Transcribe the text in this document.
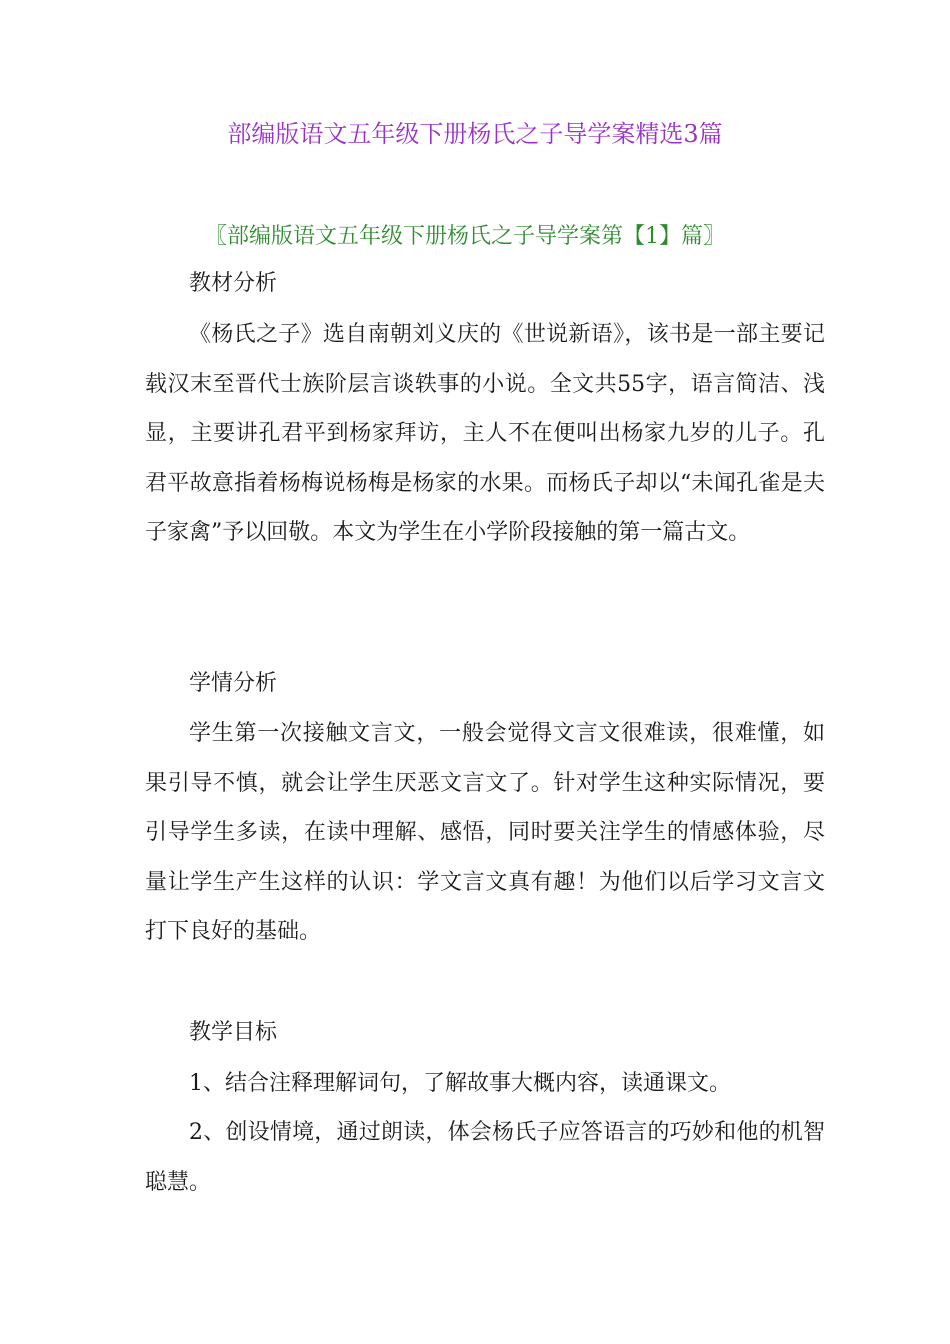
部编版语文五年级下册杨氏之子导学案精选3篇
〖部编版语文五年级下册杨氏之子导学案第【1】篇〗

教材分析

《杨氏之子》选自南朝刘义庆的《世说新语》，该书是一部主要记载汉末至晋代士族阶层言谈轶事的小说。全文共55字，语言简洁、浅显，主要讲孔君平到杨家拜访，主人不在便叫出杨家九岁的儿子。孔君平故意指着杨梅说杨梅是杨家的水果。而杨氏子却以“未闻孔雀是夫子家禽”予以回敬。本文为学生在小学阶段接触的第一篇古文。

学情分析

学生第一次接触文言文，一般会觉得文言文很难读，很难懂，如果引导不慎，就会让学生厌恶文言文了。针对学生这种实际情况，要引导学生多读，在读中理解、感悟，同时要关注学生的情感体验，尽量让学生产生这样的认识：学文言文真有趣！为他们以后学习文言文打下良好的基础。

教学目标

1、结合注释理解词句，了解故事大概内容，读通课文。

2、创设情境，通过朗读，体会杨氏子应答语言的巧妙和他的机智聪慧。
